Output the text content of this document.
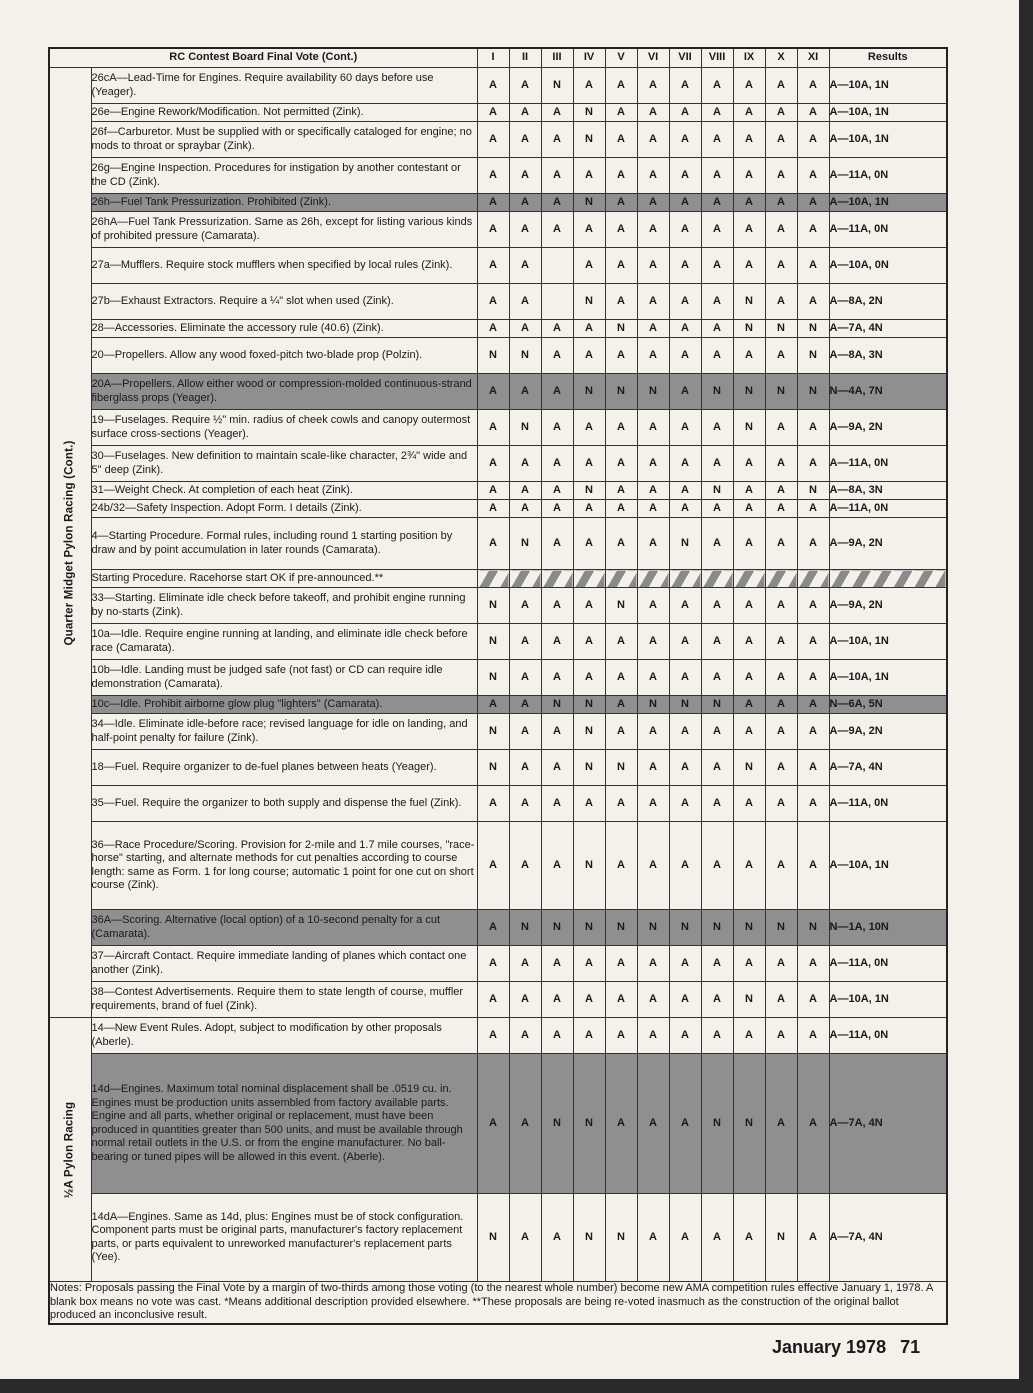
RC Contest Board Final Vote (Cont.)		I	II	III	IV	V	VI	VII	VIII	IX	X	XI	Results

Quarter Midget Pylon Racing (Cont.)	26cA—Lead-Time for Engines. Require availability 60 days before use (Yeager).	A	A	N	A	A	A	A	A	A	A	A	A—10A, 1N
	26e—Engine Rework/Modification. Not permitted (Zink).	A	A	A	N	A	A	A	A	A	A	A	A—10A, 1N
	26f—Carburetor. Must be supplied with or specifically cataloged for engine; no mods to throat or spraybar (Zink).	A	A	A	N	A	A	A	A	A	A	A	A—10A, 1N
	26g—Engine Inspection. Procedures for instigation by another contestant or the CD (Zink).	A	A	A	A	A	A	A	A	A	A	A	A—11A, 0N
	26h—Fuel Tank Pressurization. Prohibited (Zink).	A	A	A	N	A	A	A	A	A	A	A	A—10A, 1N
	26hA—Fuel Tank Pressurization. Same as 26h, except for listing various kinds of prohibited pressure (Camarata).	A	A	A	A	A	A	A	A	A	A	A	A—11A, 0N
	27a—Mufflers. Require stock mufflers when specified by local rules (Zink).	A	A		A	A	A	A	A	A	A	A	A—10A, 0N
	27b—Exhaust Extractors. Require a ¼" slot when used (Zink).	A	A		N	A	A	A	A	N	A	A	A—8A, 2N
	28—Accessories. Eliminate the accessory rule (40.6) (Zink).	A	A	A	A	N	A	A	A	N	N	N	A—7A, 4N
	20—Propellers. Allow any wood foxed-pitch two-blade prop (Polzin).	N	N	A	A	A	A	A	A	A	A	N	A—8A, 3N
	20A—Propellers. Allow either wood or compression-molded continuous-strand fiberglass props (Yeager).	A	A	A	N	N	N	A	N	N	N	N	N—4A, 7N
	19—Fuselages. Require ½" min. radius of cheek cowls and canopy outermost surface cross-sections (Yeager).	A	N	A	A	A	A	A	A	N	A	A	A—9A, 2N
	30—Fuselages. New definition to maintain scale-like character, 2¾" wide and 5" deep (Zink).	A	A	A	A	A	A	A	A	A	A	A	A—11A, 0N
	31—Weight Check. At completion of each heat (Zink).	A	A	A	N	A	A	A	N	A	A	N	A—8A, 3N
	24b/32—Safety Inspection. Adopt Form. I details (Zink).	A	A	A	A	A	A	A	A	A	A	A	A—11A, 0N
	4—Starting Procedure. Formal rules, including round 1 starting position by draw and by point accumulation in later rounds (Camarata).	A	N	A	A	A	A	N	A	A	A	A	A—9A, 2N
	Starting Procedure. Racehorse start OK if pre-announced.**												
	33—Starting. Eliminate idle check before takeoff, and prohibit engine running by no-starts (Zink).	N	A	A	A	N	A	A	A	A	A	A	A—9A, 2N
	10a—Idle. Require engine running at landing, and eliminate idle check before race (Camarata).	N	A	A	A	A	A	A	A	A	A	A	A—10A, 1N
	10b—Idle. Landing must be judged safe (not fast) or CD can require idle demonstration (Camarata).	N	A	A	A	A	A	A	A	A	A	A	A—10A, 1N
	10c—Idle. Prohibit airborne glow plug "lighters" (Camarata).	A	A	N	N	A	N	N	N	A	A	A	N—6A, 5N
	34—Idle. Eliminate idle-before race; revised language for idle on landing, and half-point penalty for failure (Zink).	N	A	A	N	A	A	A	A	A	A	A	A—9A, 2N
	18—Fuel. Require organizer to de-fuel planes between heats (Yeager).	N	A	A	N	N	A	A	A	N	A	A	A—7A, 4N
	35—Fuel. Require the organizer to both supply and dispense the fuel (Zink).	A	A	A	A	A	A	A	A	A	A	A	A—11A, 0N
	36—Race Procedure/Scoring. Provision for 2-mile and 1.7 mile courses, "race-horse" starting, and alternate methods for cut penalties according to course length: same as Form. 1 for long course; automatic 1 point for one cut on short course (Zink).	A	A	A	N	A	A	A	A	A	A	A	A—10A, 1N
	36A—Scoring. Alternative (local option) of a 10-second penalty for a cut (Camarata).	A	N	N	N	N	N	N	N	N	N	N	N—1A, 10N
	37—Aircraft Contact. Require immediate landing of planes which contact one another (Zink).	A	A	A	A	A	A	A	A	A	A	A	A—11A, 0N
	38—Contest Advertisements. Require them to state length of course, muffler requirements, brand of fuel (Zink).	A	A	A	A	A	A	A	A	N	A	A	A—10A, 1N

½A Pylon Racing	14—New Event Rules. Adopt, subject to modification by other proposals (Aberle).	A	A	A	A	A	A	A	A	A	A	A	A—11A, 0N
	14d—Engines. Maximum total nominal displacement shall be .0519 cu. in. Engines must be production units assembled from factory available parts. Engine and all parts, whether original or replacement, must have been produced in quantities greater than 500 units, and must be available through normal retail outlets in the U.S. or from the engine manufacturer. No ball-bearing or tuned pipes will be allowed in this event. (Aberle).	A	A	N	N	A	A	A	N	N	A	A	A—7A, 4N
	14dA—Engines. Same as 14d, plus: Engines must be of stock configuration. Component parts must be original parts, manufacturer's factory replacement parts, or parts equivalent to unreworked manufacturer's replacement parts (Yee).	N	A	A	N	N	A	A	A	A	N	A	A—7A, 4N
Notes: Proposals passing the Final Vote by a margin of two-thirds among those voting (to the nearest whole number) become new AMA competition rules effective January 1, 1978. A blank box means no vote was cast. *Means additional description provided elsewhere. **These proposals are being re-voted inasmuch as the construction of the original ballot produced an inconclusive result.													
January 1978 71
